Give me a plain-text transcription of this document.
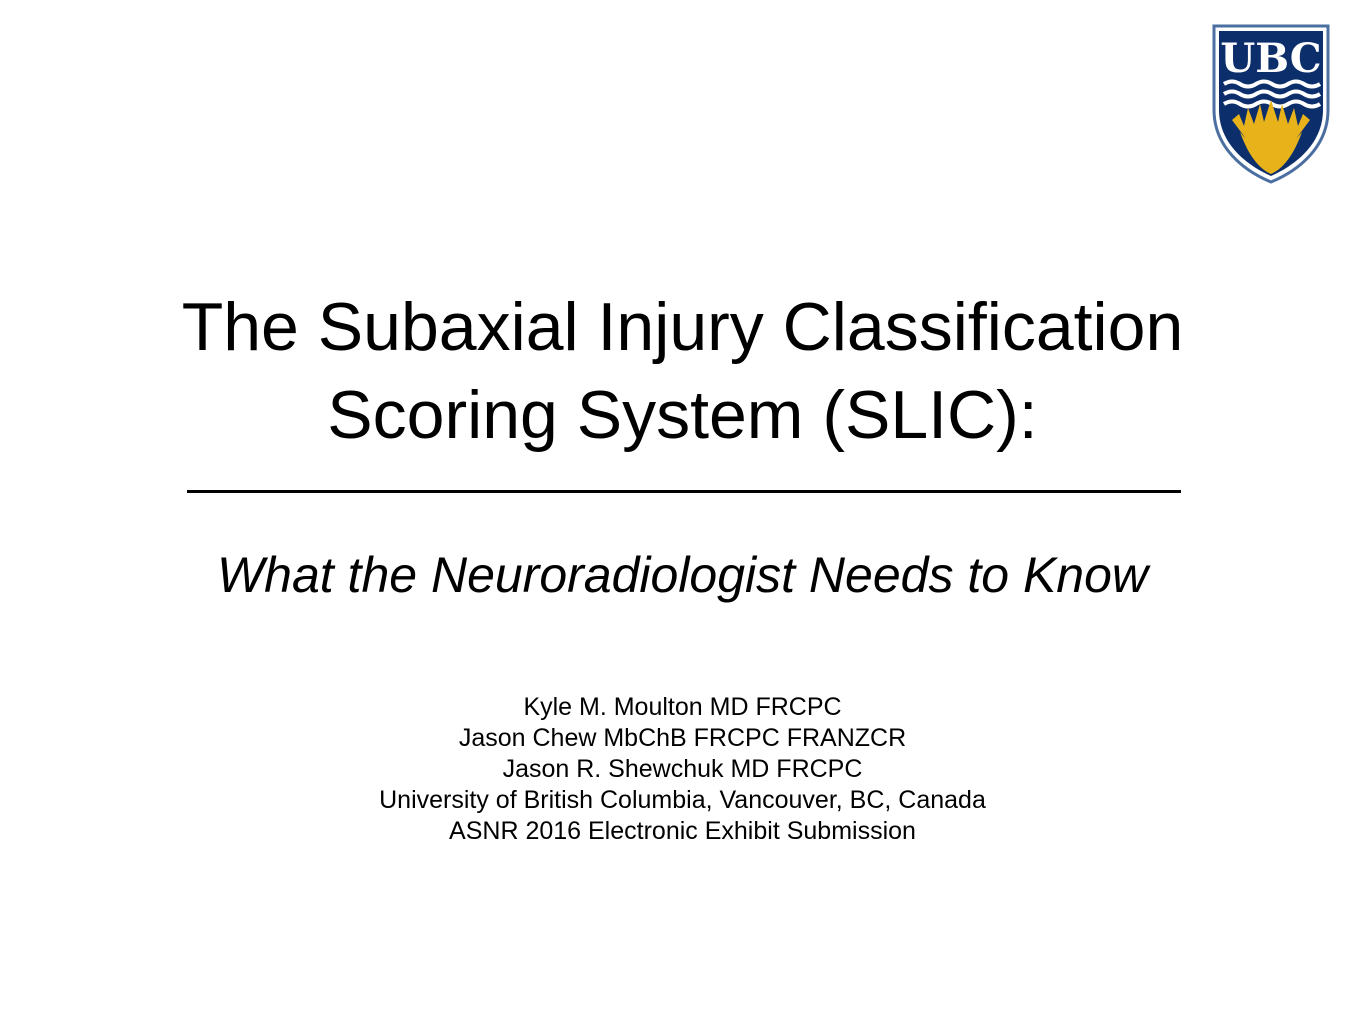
UBC
The Subaxial Injury Classification
Scoring System (SLIC):
What the Neuroradiologist Needs to Know
Kyle M. Moulton MD FRCPC
Jason Chew MbChB FRCPC FRANZCR
Jason R. Shewchuk MD FRCPC
University of British Columbia, Vancouver, BC, Canada
ASNR 2016 Electronic Exhibit Submission
